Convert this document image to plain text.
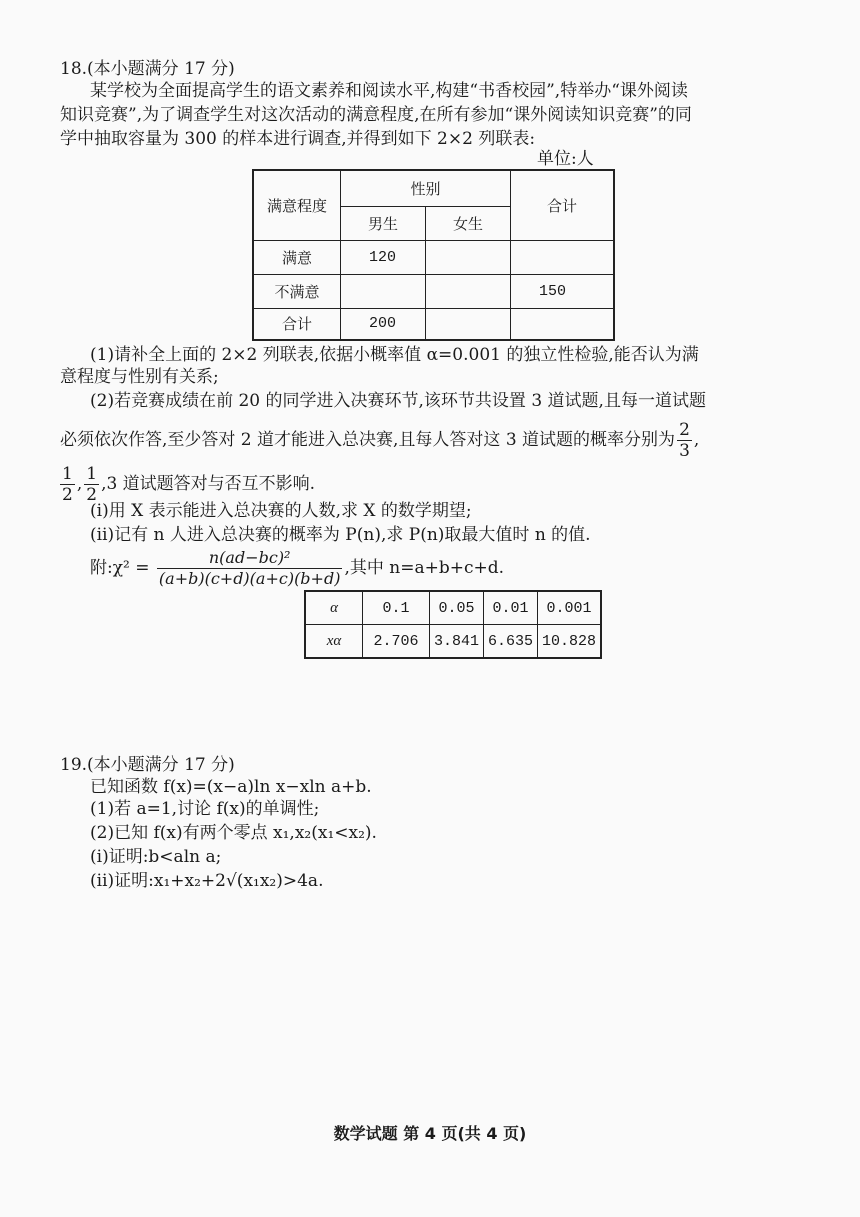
18.(本小题满分 17 分)
某学校为全面提高学生的语文素养和阅读水平,构建“书香校园”,特举办“课外阅读
知识竞赛”,为了调查学生对这次活动的满意程度,在所有参加“课外阅读知识竞赛”的同
学中抽取容量为 300 的样本进行调查,并得到如下 2×2 列联表:
单位:人
满意程度	性别		合计
	男生	女生	
满意	120		
不满意			150
合计	200		
(1)请补全上面的 2×2 列联表,依据小概率值 α=0.001 的独立性检验,能否认为满
意程度与性别有关系;
(2)若竞赛成绩在前 20 的同学进入决赛环节,该环节共设置 3 道试题,且每一道试题
必须依次作答,至少答对 2 道才能进入总决赛,且每人答对这 3 道试题的概率分别为 $\frac{2}{3}$ ,
$\frac{1}{2}$ , $\frac{1}{2} ,3$ 道试题答对与否互不影响.
(ⅰ)用 X 表示能进入总决赛的人数,求 X 的数学期望;
(ⅱ)记有 n 人进入总决赛的概率为 P(n),求 P(n)取最大值时 n 的值.
附:χ² = $\frac{\text{n(ad−bc)²}}{(a+b)(c+d)(a+c)(b+d)}$ ,其中 n=a+b+c+d.
α	0.1	0.05	0.01	0.001
xα	2.706	3.841	6.635	10.828
19.(本小题满分 17 分)
已知函数 f(x)=(x−a)ln x−xln a+b.
(1)若 a=1,讨论 f(x)的单调性;
(2)已知 f(x)有两个零点 x₁,x₂(x₁<x₂).
(ⅰ)证明:b<aln a;
(ⅱ)证明:x₁+x₂+2√(x₁x₂)>4a.
数学试题 第 4 页(共 4 页)
